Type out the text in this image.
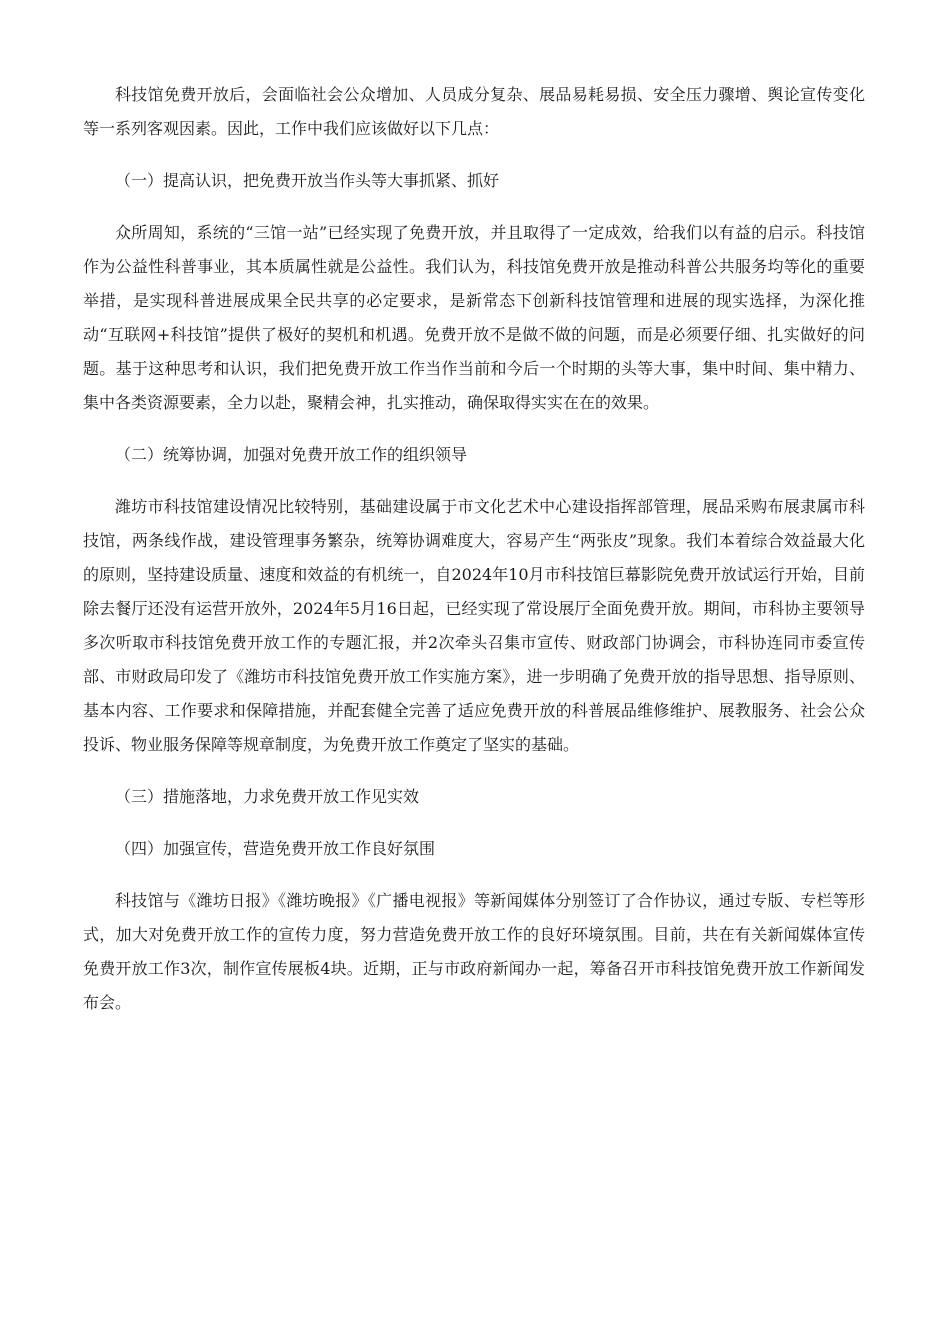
科技馆免费开放后，会面临社会公众增加、人员成分复杂、展品易耗易损、安全压力骤增、舆论宣传变化等一系列客观因素。因此，工作中我们应该做好以下几点：

（一）提高认识，把免费开放当作头等大事抓紧、抓好

众所周知，系统的“三馆一站”已经实现了免费开放，并且取得了一定成效，给我们以有益的启示。科技馆作为公益性科普事业，其本质属性就是公益性。我们认为，科技馆免费开放是推动科普公共服务均等化的重要举措，是实现科普进展成果全民共享的必定要求，是新常态下创新科技馆管理和进展的现实选择，为深化推动“互联网+科技馆”提供了极好的契机和机遇。免费开放不是做不做的问题，而是必须要仔细、扎实做好的问题。基于这种思考和认识，我们把免费开放工作当作当前和今后一个时期的头等大事，集中时间、集中精力、集中各类资源要素，全力以赴，聚精会神，扎实推动，确保取得实实在在的效果。

（二）统筹协调，加强对免费开放工作的组织领导

潍坊市科技馆建设情况比较特别，基础建设属于市文化艺术中心建设指挥部管理，展品采购布展隶属市科技馆，两条线作战，建设管理事务繁杂，统筹协调难度大，容易产生“两张皮”现象。我们本着综合效益最大化的原则，坚持建设质量、速度和效益的有机统一，自2024年10月市科技馆巨幕影院免费开放试运行开始，目前除去餐厅还没有运营开放外，2024年5月16日起，已经实现了常设展厅全面免费开放。期间，市科协主要领导多次听取市科技馆免费开放工作的专题汇报，并2次牵头召集市宣传、财政部门协调会，市科协连同市委宣传部、市财政局印发了《潍坊市科技馆免费开放工作实施方案》，进一步明确了免费开放的指导思想、指导原则、基本内容、工作要求和保障措施，并配套健全完善了适应免费开放的科普展品维修维护、展教服务、社会公众投诉、物业服务保障等规章制度，为免费开放工作奠定了坚实的基础。

（三）措施落地，力求免费开放工作见实效

（四）加强宣传，营造免费开放工作良好氛围

科技馆与《潍坊日报》《潍坊晚报》《广播电视报》等新闻媒体分别签订了合作协议，通过专版、专栏等形式，加大对免费开放工作的宣传力度，努力营造免费开放工作的良好环境氛围。目前，共在有关新闻媒体宣传免费开放工作3次，制作宣传展板4块。近期，正与市政府新闻办一起，筹备召开市科技馆免费开放工作新闻发布会。
